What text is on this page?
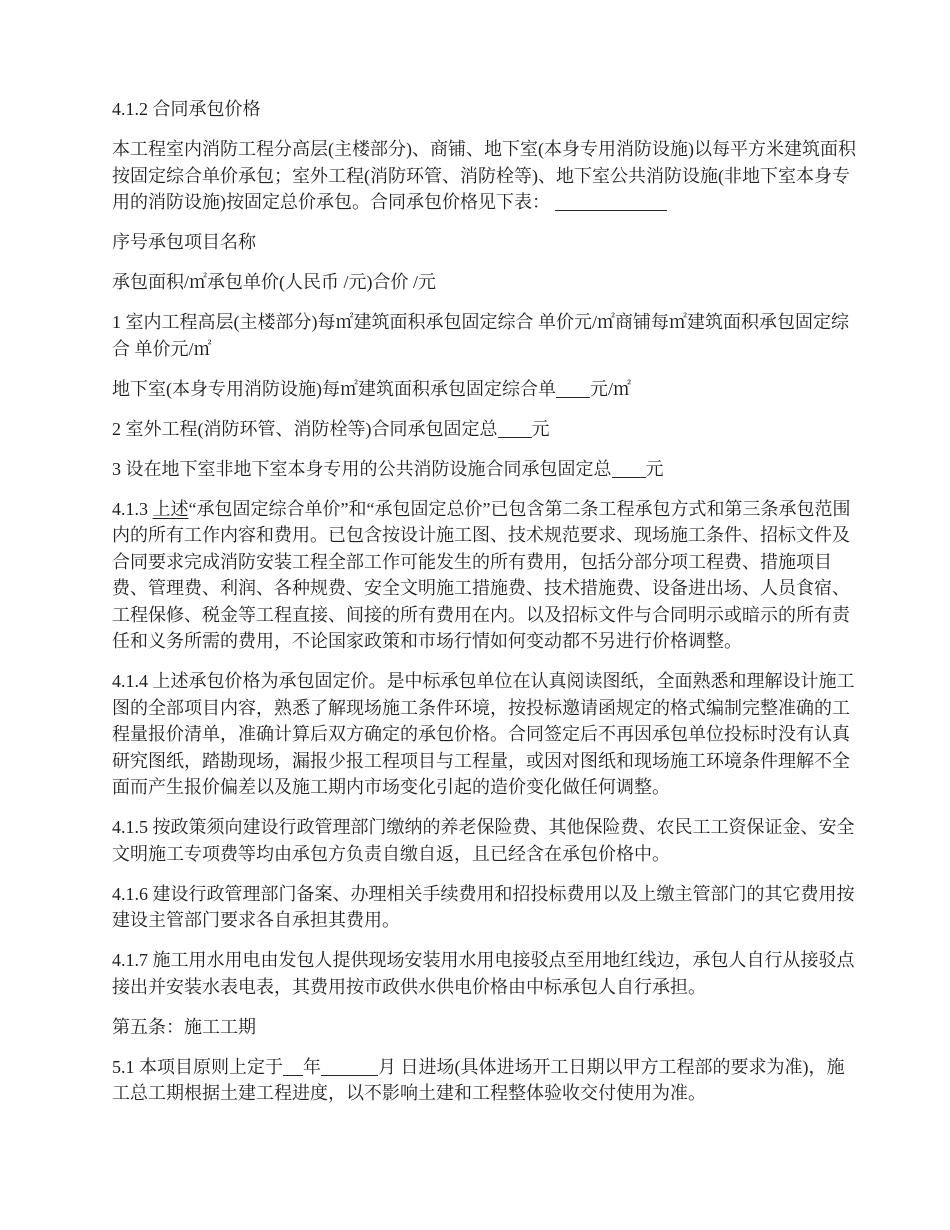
4.1.2 合同承包价格

本工程室内消防工程分高层(主楼部分)、商铺、地下室(本身专用消防设施)以每平方米建筑面积按固定综合单价承包；室外工程(消防环管、消防栓等)、地下室公共消防设施(非地下室本身专用的消防设施)按固定总价承包。合同承包价格见下表：

序号承包项目名称

承包面积/㎡承包单价(人民币 /元)合价 /元

1 室内工程高层(主楼部分)每㎡建筑面积承包固定综合 单价元/㎡商铺每㎡建筑面积承包固定综合 单价元/㎡

地下室(本身专用消防设施)每㎡建筑面积承包固定综合单 元/㎡

2 室外工程(消防环管、消防栓等)合同承包固定总 元

3 设在地下室非地下室本身专用的公共消防设施合同承包固定总 元

4.1.3 上述“承包固定综合单价”和“承包固定总价”已包含第二条工程承包方式和第三条承包范围内的所有工作内容和费用。已包含按设计施工图、技术规范要求、现场施工条件、招标文件及合同要求完成消防安装工程全部工作可能发生的所有费用，包括分部分项工程费、措施项目费、管理费、利润、各种规费、安全文明施工措施费、技术措施费、设备进出场、人员食宿、工程保修、税金等工程直接、间接的所有费用在内。以及招标文件与合同明示或暗示的所有责任和义务所需的费用，不论国家政策和市场行情如何变动都不另进行价格调整。

4.1.4 上述承包价格为承包固定价。是中标承包单位在认真阅读图纸，全面熟悉和理解设计施工图的全部项目内容，熟悉了解现场施工条件环境，按投标邀请函规定的格式编制完整准确的工程量报价清单，准确计算后双方确定的承包价格。合同签定后不再因承包单位投标时没有认真研究图纸，踏勘现场，漏报少报工程项目与工程量，或因对图纸和现场施工环境条件理解不全面而产生报价偏差以及施工期内市场变化引起的造价变化做任何调整。

4.1.5 按政策须向建设行政管理部门缴纳的养老保险费、其他保险费、农民工工资保证金、安全文明施工专项费等均由承包方负责自缴自返，且已经含在承包价格中。

4.1.6 建设行政管理部门备案、办理相关手续费用和招投标费用以及上缴主管部门的其它费用按建设主管部门要求各自承担其费用。

4.1.7 施工用水用电由发包人提供现场安装用水用电接驳点至用地红线边，承包人自行从接驳点接出并安装水表电表，其费用按市政供水供电价格由中标承包人自行承担。

第五条：施工工期

5.1 本项目原则上定于 年	月 日进场(具体进场开工日期以甲方工程部的要求为准)，施工总工期根据土建工程进度，以不影响土建和工程整体验收交付使用为准。
